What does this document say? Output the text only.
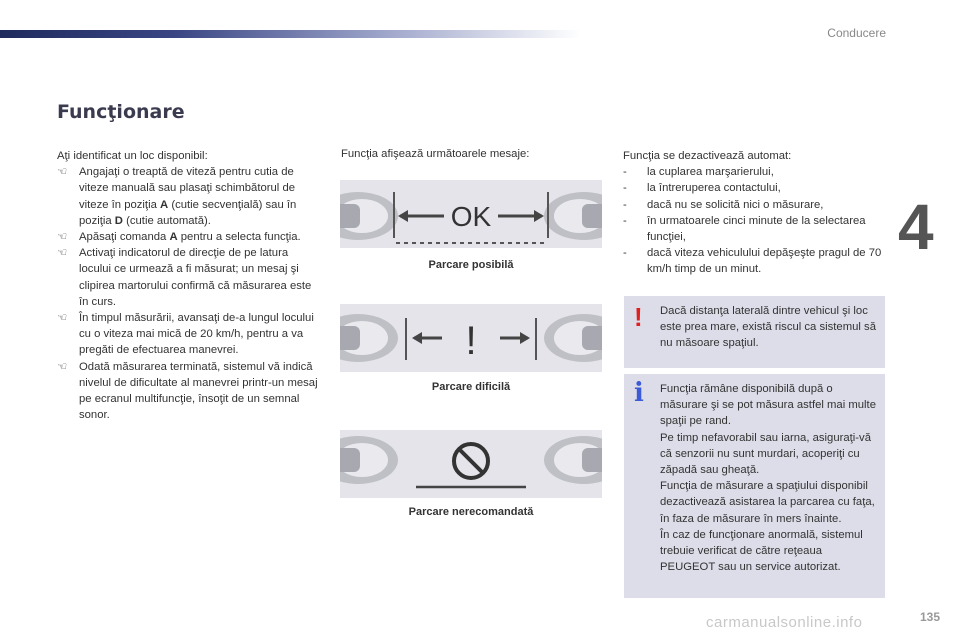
Conducere
4
Funcţionare
Aţi identificat un loc disponibil:
☜	Angajaţi o treaptă de viteză pentru cutia de viteze manuală sau plasaţi schimbătorul de viteze în poziţia A (cutie secvenţială) sau în poziţia D (cutie automată).
☜	Apăsaţi comanda A pentru a selecta funcţia.
☜	Activaţi indicatorul de direcţie de pe latura locului ce urmează a fi măsurat; un mesaj şi clipirea martorului confirmă că măsurarea este în curs.
☜	În timpul măsurării, avansaţi de-a lungul locului cu o viteza mai mică de 20 km/h, pentru a va pregăti de efectuarea manevrei.
☜	Odată măsurarea terminată, sistemul vă indică nivelul de dificultate al manevrei printr-un mesaj pe ecranul multifuncţie, însoţit de un semnal sonor.
Funcţia afişează următoarele mesaje:
OK
Parcare posibilă
!
Parcare dificilă
Parcare nerecomandată
Funcţia se dezactivează automat:
-	la cuplarea marşarierului,
-	la întreruperea contactului,
-	dacă nu se solicită nici o măsurare,
-	în urmatoarele cinci minute de la selectarea funcţiei,
-	dacă viteza vehiculului depăşeşte pragul de 70 km/h timp de un minut.
! Dacă distanţa laterală dintre vehicul şi loc este prea mare, există riscul ca sistemul să nu măsoare spaţiul.
i Funcţia rămâne disponibilă după o măsurare şi se pot măsura astfel mai multe spaţii pe rand.
Pe timp nefavorabil sau iarna, asiguraţi-vă că senzorii nu sunt murdari, acoperiţi cu zăpadă sau gheaţă.
Funcţia de măsurare a spaţiului disponibil dezactivează asistarea la parcarea cu faţa, în faza de măsurare în mers înainte.
În caz de funcţionare anormală, sistemul trebuie verificat de către reţeaua PEUGEOT sau un service autorizat.
135
carmanualsonline.info
